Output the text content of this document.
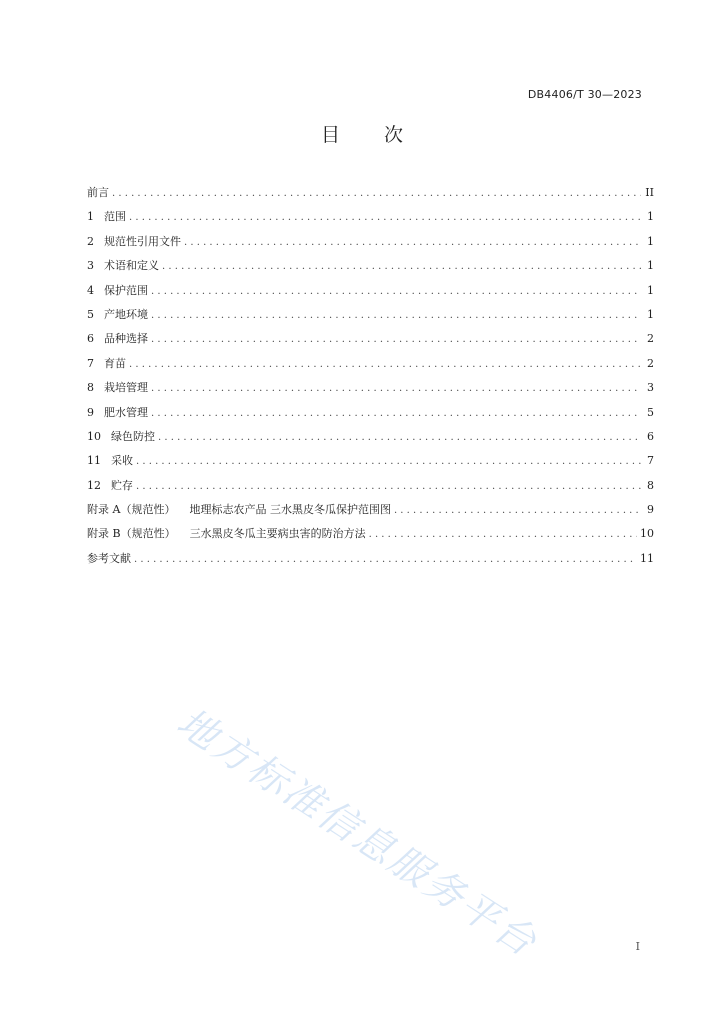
DB4406/T 30—2023
目 次
前言 . . .	II
1 范围 . . .	1
2 规范性引用文件 . . .	1
3 术语和定义 . . .	1
4 保护范围 . . .	1
5 产地环境 . . .	1
6 品种选择 . . .	2
7 育苗 . . .	2
8 栽培管理 . . .	3
9 肥水管理 . . .	5
10 绿色防控 . . .	6
11 采收 . . .	7
12 贮存 . . .	8
附录 A（规范性） 地理标志农产品 三水黑皮冬瓜保护范围图 . . .	9
附录 B（规范性） 三水黑皮冬瓜主要病虫害的防治方法 . . .	10
参考文献 . . .	11
地方标准信息服务平台	I
